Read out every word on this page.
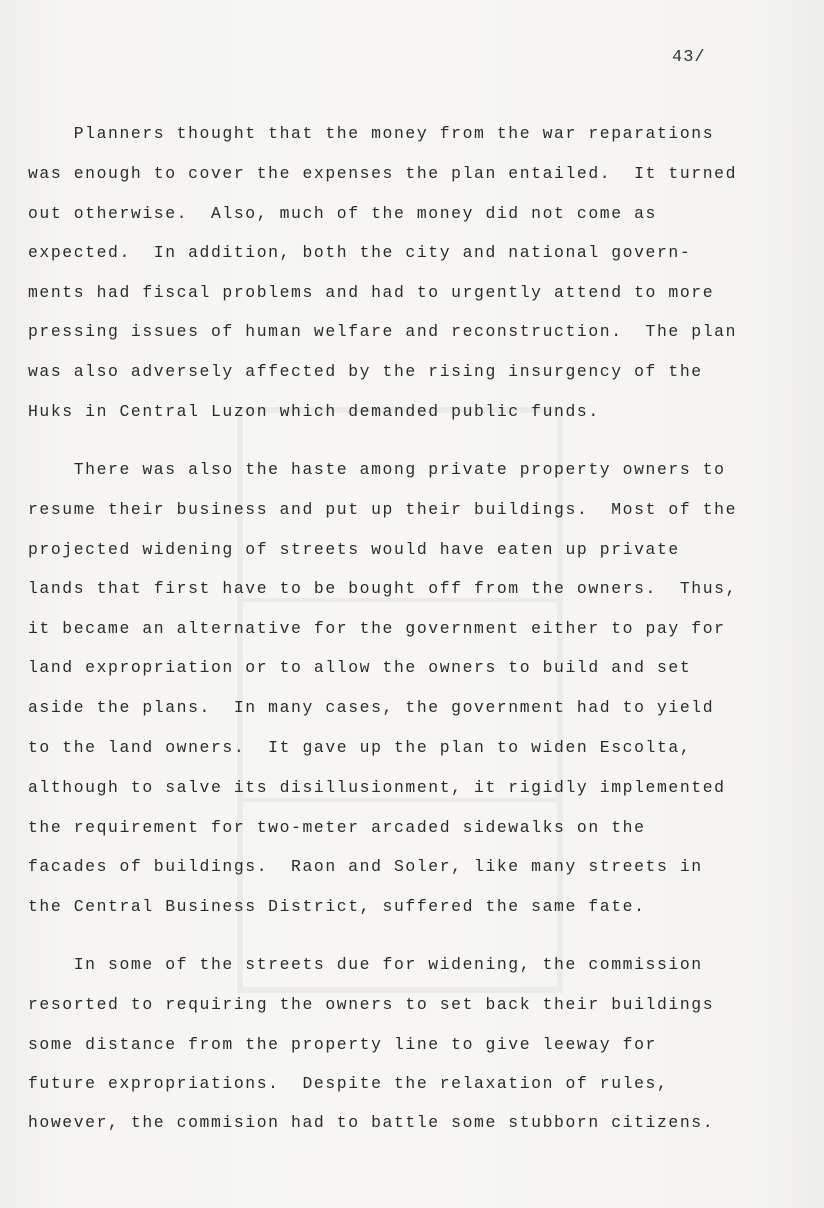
43/
Planners thought that the money from the war reparations
was enough to cover the expenses the plan entailed.  It turned
out otherwise.  Also, much of the money did not come as
expected.  In addition, both the city and national govern-
ments had fiscal problems and had to urgently attend to more
pressing issues of human welfare and reconstruction.  The plan
was also adversely affected by the rising insurgency of the
Huks in Central Luzon which demanded public funds.
There was also the haste among private property owners to
resume their business and put up their buildings.  Most of the
projected widening of streets would have eaten up private
lands that first have to be bought off from the owners.  Thus,
it became an alternative for the government either to pay for
land expropriation or to allow the owners to build and set
aside the plans.  In many cases, the government had to yield
to the land owners.  It gave up the plan to widen Escolta,
although to salve its disillusionment, it rigidly implemented
the requirement for two-meter arcaded sidewalks on the
facades of buildings.  Raon and Soler, like many streets in
the Central Business District, suffered the same fate.
In some of the streets due for widening, the commission
resorted to requiring the owners to set back their buildings
some distance from the property line to give leeway for
future expropriations.  Despite the relaxation of rules,
however, the commision had to battle some stubborn citizens.
